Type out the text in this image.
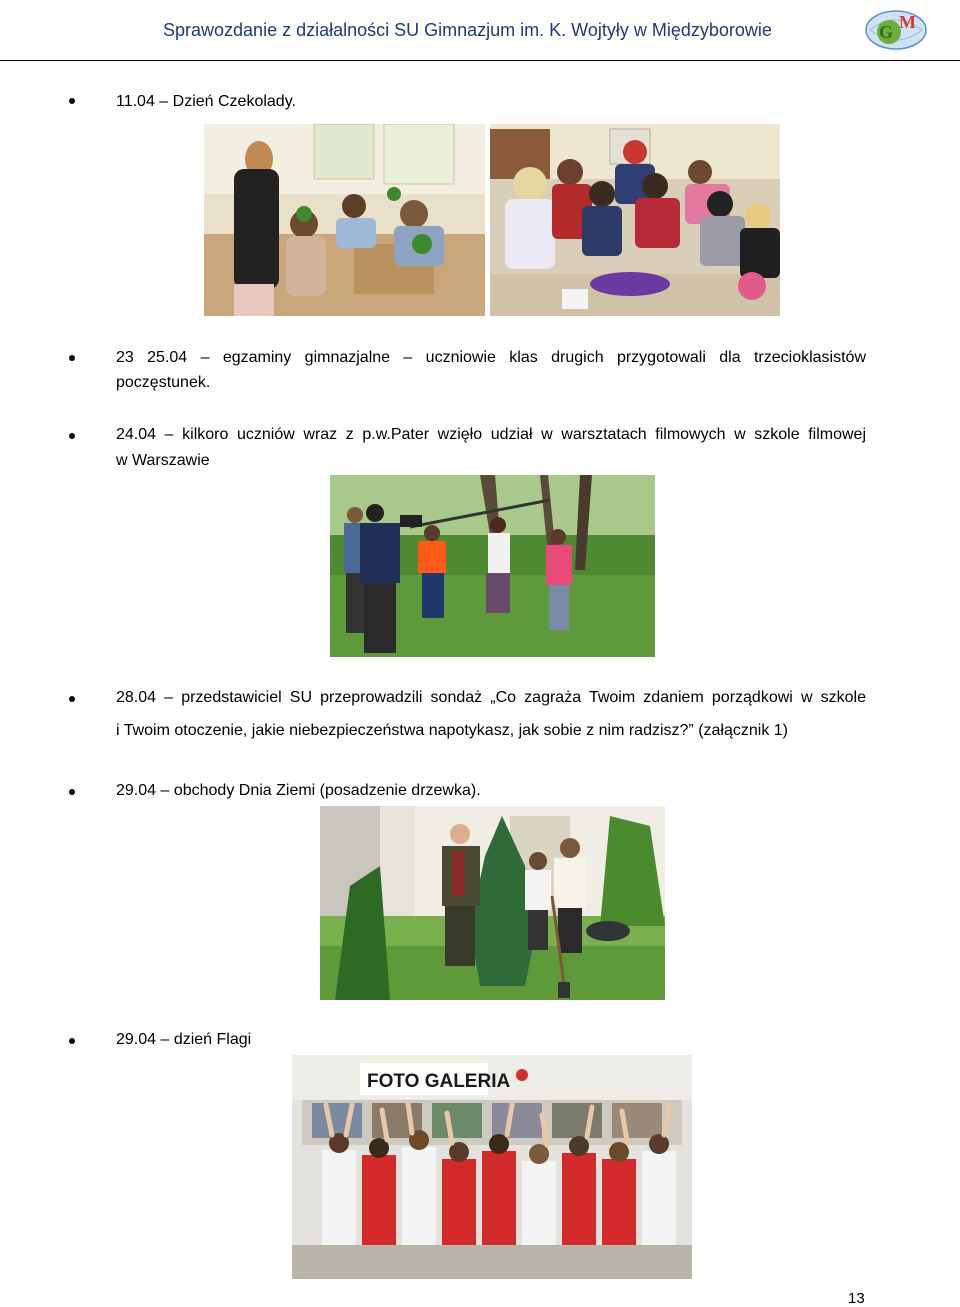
Sprawozdanie z działalności SU Gimnazjum im. K. Wojtyły w Międzyborowie	M
G
11.04 – Dzień Czekolady.
23 25.04 – egzaminy gimnazjalne – uczniowie klas drugich przygotowali dla trzecioklasistów
poczęstunek.
24.04 – kilkoro uczniów wraz z p.w.Pater wzięło udział w warsztatach filmowych w szkole filmowej
w Warszawie
28.04 – przedstawiciel SU przeprowadzili sondaż „Co zagraża Twoim zdaniem porządkowi w szkole
i Twoim otoczenie, jakie niebezpieczeństwa napotykasz, jak sobie z nim radzisz?” (załącznik 1)
29.04 – obchody Dnia Ziemi (posadzenie drzewka).
29.04 – dzień Flagi
FOTO GALERIA
13
